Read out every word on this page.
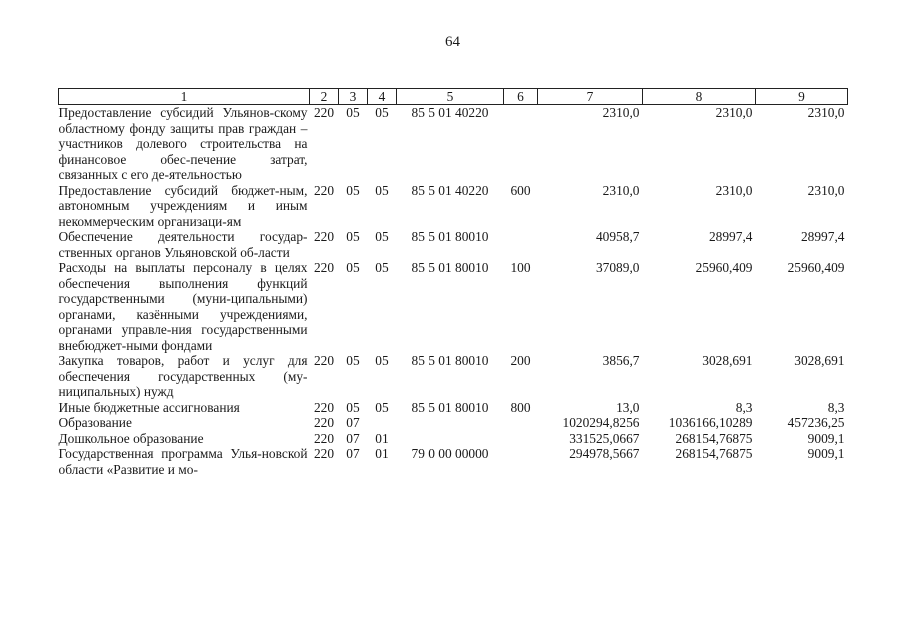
64
1	2	3	4	5	6	7	8	9
Предоставление субсидий Ульянов-скому областному фонду защиты прав граждан – участников долевого строительства на финансовое обес-печение затрат, связанных с его де-ятельностью	220	05	05	85 5 01 40220		2310,0	2310,0	2310,0
Предоставление субсидий бюджет-ным, автономным учреждениям и иным некоммерческим организаци-ям	220	05	05	85 5 01 40220	600	2310,0	2310,0	2310,0
Обеспечение деятельности государ-ственных органов Ульяновской об-ласти	220	05	05	85 5 01 80010		40958,7	28997,4	28997,4
Расходы на выплаты персоналу в целях обеспечения выполнения функций государственными (муни-ципальными) органами, казёнными учреждениями, органами управле-ния государственными внебюджет-ными фондами	220	05	05	85 5 01 80010	100	37089,0	25960,409	25960,409
Закупка товаров, работ и услуг для обеспечения государственных (му-ниципальных) нужд	220	05	05	85 5 01 80010	200	3856,7	3028,691	3028,691
Иные бюджетные ассигнования	220	05	05	85 5 01 80010	800	13,0	8,3	8,3
Образование	220	07				1020294,8256	1036166,10289	457236,25
Дошкольное образование	220	07	01			331525,0667	268154,76875	9009,1
Государственная программа Улья-новской области «Развитие и мо-	220	07	01	79 0 00 00000		294978,5667	268154,76875	9009,1
